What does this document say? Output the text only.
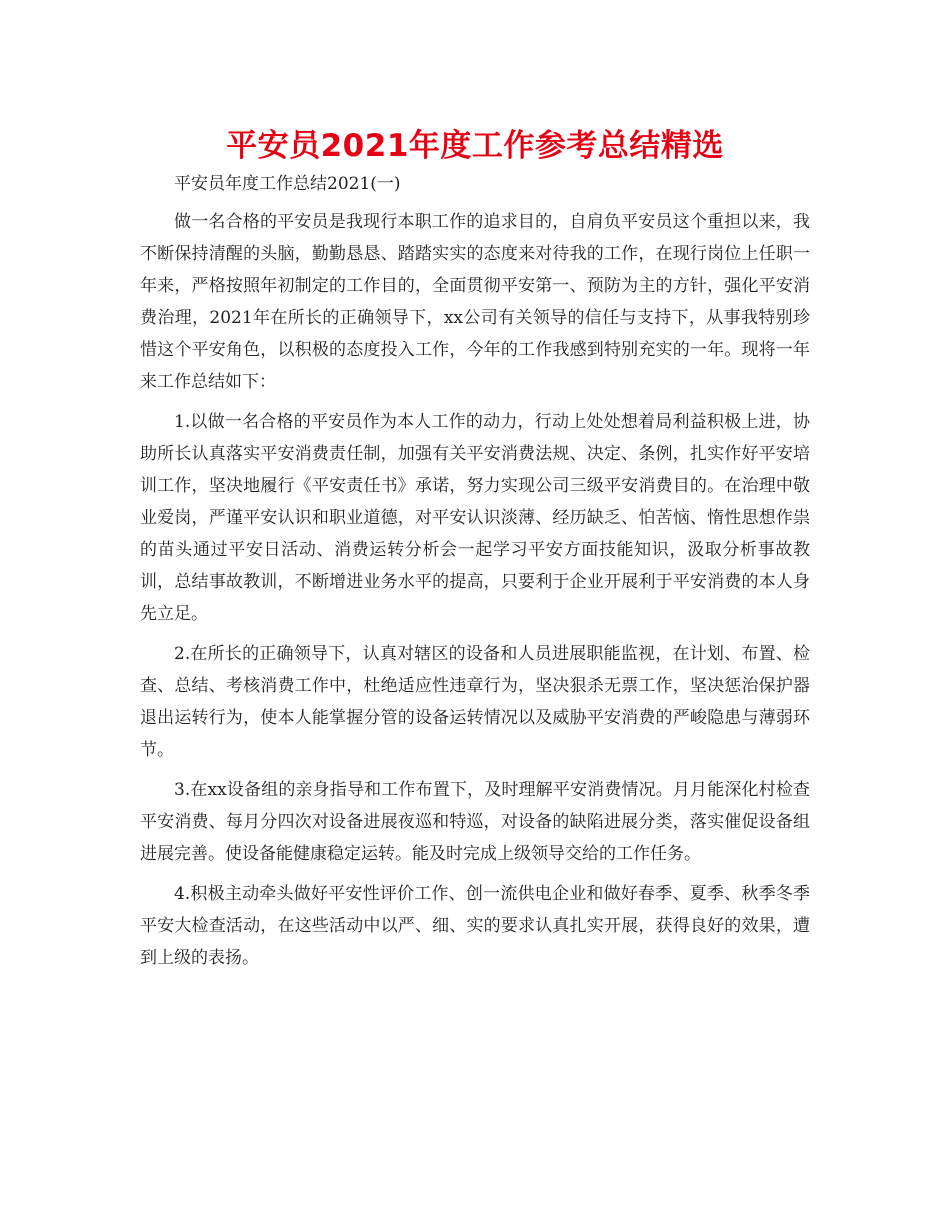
平安员2021年度工作参考总结精选

平安员年度工作总结2021(一)

做一名合格的平安员是我现行本职工作的追求目的，自肩负平安员这个重担以来，我不断保持清醒的头脑，勤勤恳恳、踏踏实实的态度来对待我的工作，在现行岗位上任职一年来，严格按照年初制定的工作目的，全面贯彻平安第一、预防为主的方针，强化平安消费治理，2021年在所长的正确领导下，xx公司有关领导的信任与支持下，从事我特别珍惜这个平安角色，以积极的态度投入工作，今年的工作我感到特别充实的一年。现将一年来工作总结如下：

1.以做一名合格的平安员作为本人工作的动力，行动上处处想着局利益积极上进，协助所长认真落实平安消费责任制，加强有关平安消费法规、决定、条例，扎实作好平安培训工作，坚决地履行《平安责任书》承诺，努力实现公司三级平安消费目的。在治理中敬业爱岗，严谨平安认识和职业道德，对平安认识淡薄、经历缺乏、怕苦恼、惰性思想作祟的苗头通过平安日活动、消费运转分析会一起学习平安方面技能知识，汲取分析事故教训，总结事故教训，不断增进业务水平的提高，只要利于企业开展利于平安消费的本人身先立足。

2.在所长的正确领导下，认真对辖区的设备和人员进展职能监视，在计划、布置、检查、总结、考核消费工作中，杜绝适应性违章行为，坚决狠杀无票工作，坚决惩治保护器退出运转行为，使本人能掌握分管的设备运转情况以及威胁平安消费的严峻隐患与薄弱环节。

3.在xx设备组的亲身指导和工作布置下，及时理解平安消费情况。月月能深化村检查平安消费、每月分四次对设备进展夜巡和特巡，对设备的缺陷进展分类，落实催促设备组进展完善。使设备能健康稳定运转。能及时完成上级领导交给的工作任务。

4.积极主动牵头做好平安性评价工作、创一流供电企业和做好春季、夏季、秋季冬季平安大检查活动，在这些活动中以严、细、实的要求认真扎实开展，获得良好的效果，遭到上级的表扬。
